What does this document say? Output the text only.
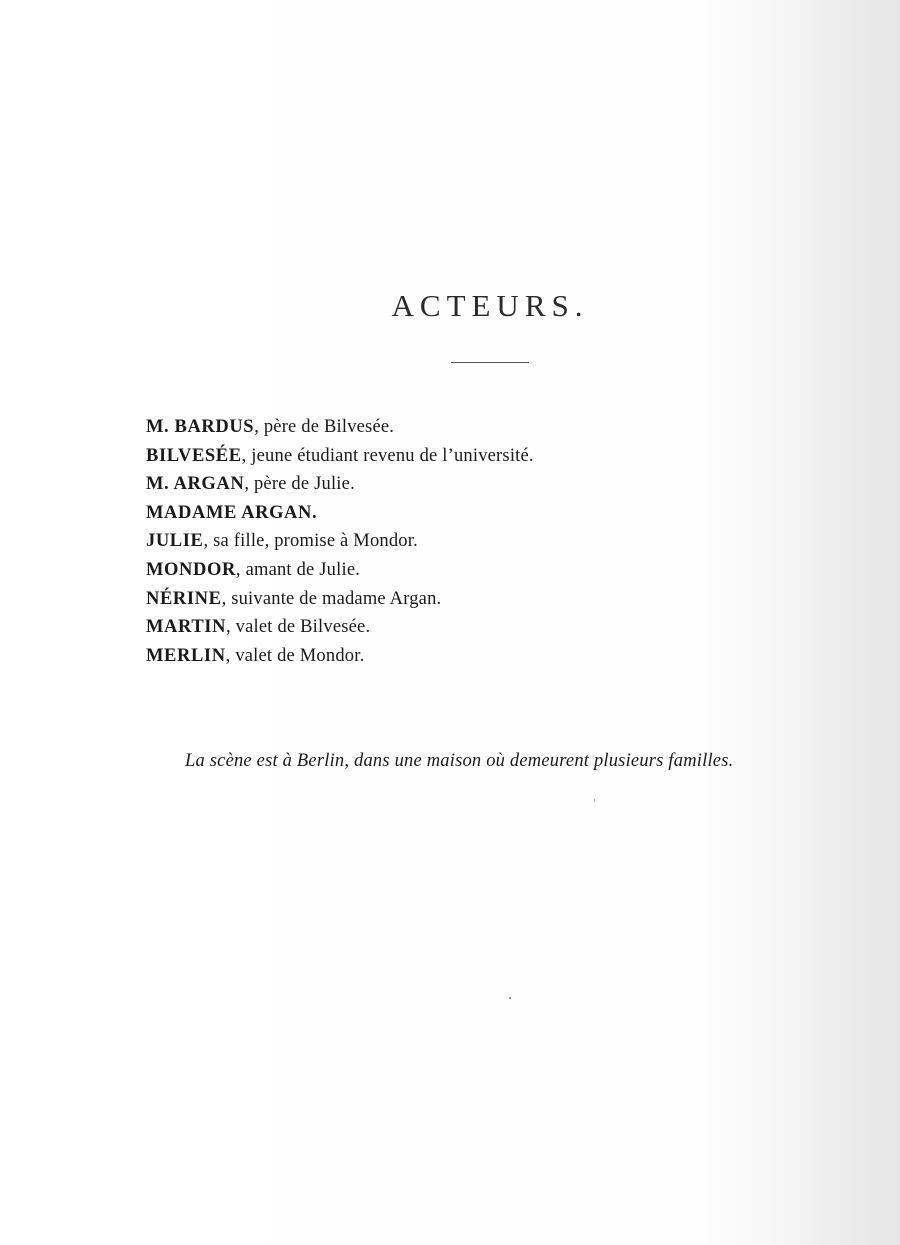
ACTEURS.
M. BARDUS, père de Bilvesée.
BILVESÉE, jeune étudiant revenu de l’université.
M. ARGAN, père de Julie.
MADAME ARGAN.
JULIE, sa fille, promise à Mondor.
MONDOR, amant de Julie.
NÉRINE, suivante de madame Argan.
MARTIN, valet de Bilvesée.
MERLIN, valet de Mondor.

La scène est à Berlin, dans une maison où demeurent plusieurs familles.
